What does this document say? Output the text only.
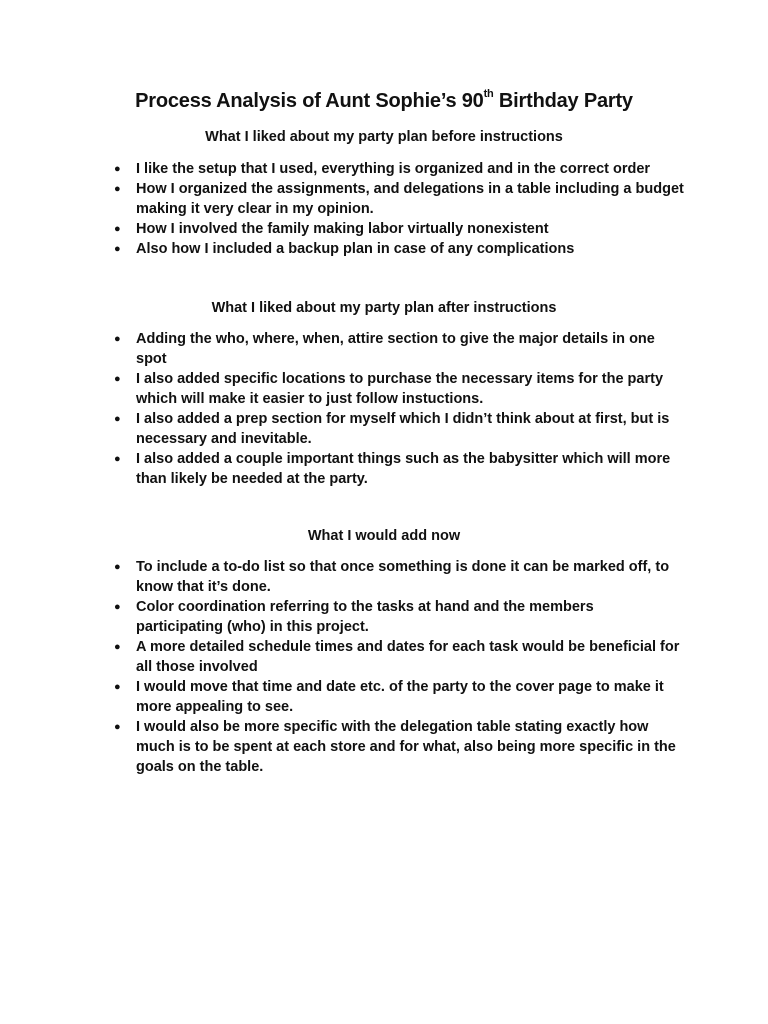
Process Analysis of Aunt Sophie’s 90th Birthday Party
What I liked about my party plan before instructions
● I like the setup that I used, everything is organized and in the correct order
● How I organized the assignments, and delegations in a table including a budget making it very clear in my opinion.
● How I involved the family making labor virtually nonexistent
● Also how I included a backup plan in case of any complications
What I liked about my party plan after instructions
● Adding the who, where, when, attire section to give the major details in one spot
● I also added specific locations to purchase the necessary items for the party which will make it easier to just follow instuctions.
● I also added a prep section for myself which I didn’t think about at first, but is necessary and inevitable.
● I also added a couple important things such as the babysitter which will more than likely be needed at the party.
What I would add now
● To include a to-do list so that once something is done it can be marked off, to know that it’s done.
● Color coordination referring to the tasks at hand and the members participating (who) in this project.
● A more detailed schedule times and dates for each task would be beneficial for all those involved
● I would move that time and date etc. of the party to the cover page to make it more appealing to see.
● I would also be more specific with the delegation table stating exactly how much is to be spent at each store and for what, also being more specific in the goals on the table.
